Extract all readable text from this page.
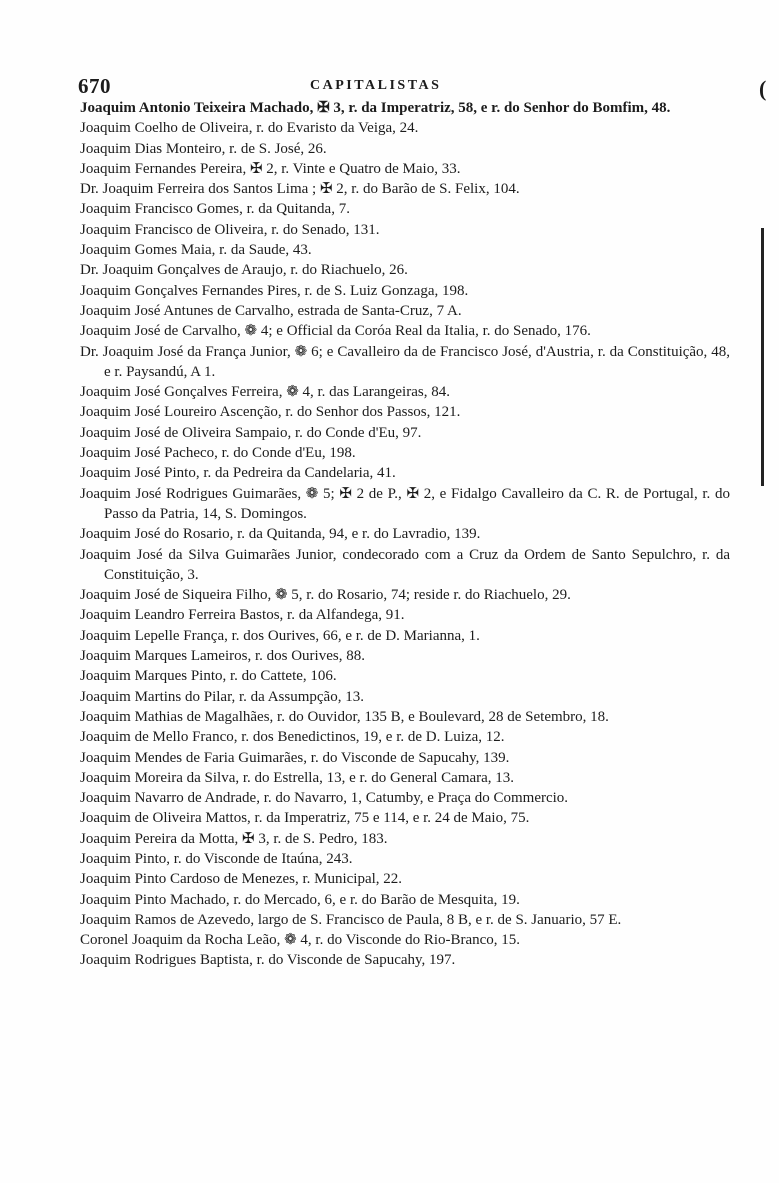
670	CAPITALISTAS	(
Joaquim Antonio Teixeira Machado, ✠ 3, r. da Imperatriz, 58, e r. do Senhor do Bomfim, 48.
Joaquim Coelho de Oliveira, r. do Evaristo da Veiga, 24.
Joaquim Dias Monteiro, r. de S. José, 26.
Joaquim Fernandes Pereira, ✠ 2, r. Vinte e Quatro de Maio, 33.
Dr. Joaquim Ferreira dos Santos Lima ; ✠ 2, r. do Barão de S. Felix, 104.
Joaquim Francisco Gomes, r. da Quitanda, 7.
Joaquim Francisco de Oliveira, r. do Senado, 131.
Joaquim Gomes Maia, r. da Saude, 43.
Dr. Joaquim Gonçalves de Araujo, r. do Riachuelo, 26.
Joaquim Gonçalves Fernandes Pires, r. de S. Luiz Gonzaga, 198.
Joaquim José Antunes de Carvalho, estrada de Santa-Cruz, 7 A.
Joaquim José de Carvalho, ❁ 4; e Official da Coróa Real da Italia, r. do Senado, 176.
Dr. Joaquim José da França Junior, ❁ 6; e Cavalleiro da de Francisco José, d'Austria, r. da Constituição, 48, e r. Paysandú, A 1.
Joaquim José Gonçalves Ferreira, ❁ 4, r. das Larangeiras, 84.
Joaquim José Loureiro Ascenção, r. do Senhor dos Passos, 121.
Joaquim José de Oliveira Sampaio, r. do Conde d'Eu, 97.
Joaquim José Pacheco, r. do Conde d'Eu, 198.
Joaquim José Pinto, r. da Pedreira da Candelaria, 41.
Joaquim José Rodrigues Guimarães, ❁ 5; ✠ 2 de P., ✠ 2, e Fidalgo Cavalleiro da C. R. de Portugal, r. do Passo da Patria, 14, S. Domingos.
Joaquim José do Rosario, r. da Quitanda, 94, e r. do Lavradio, 139.
Joaquim José da Silva Guimarães Junior, condecorado com a Cruz da Ordem de Santo Sepulchro, r. da Constituição, 3.
Joaquim José de Siqueira Filho, ❁ 5, r. do Rosario, 74; reside r. do Riachuelo, 29.
Joaquim Leandro Ferreira Bastos, r. da Alfandega, 91.
Joaquim Lepelle França, r. dos Ourives, 66, e r. de D. Marianna, 1.
Joaquim Marques Lameiros, r. dos Ourives, 88.
Joaquim Marques Pinto, r. do Cattete, 106.
Joaquim Martins do Pilar, r. da Assumpção, 13.
Joaquim Mathias de Magalhães, r. do Ouvidor, 135 B, e Boulevard, 28 de Setembro, 18.
Joaquim de Mello Franco, r. dos Benedictinos, 19, e r. de D. Luiza, 12.
Joaquim Mendes de Faria Guimarães, r. do Visconde de Sapucahy, 139.
Joaquim Moreira da Silva, r. do Estrella, 13, e r. do General Camara, 13.
Joaquim Navarro de Andrade, r. do Navarro, 1, Catumby, e Praça do Commercio.
Joaquim de Oliveira Mattos, r. da Imperatriz, 75 e 114, e r. 24 de Maio, 75.
Joaquim Pereira da Motta, ✠ 3, r. de S. Pedro, 183.
Joaquim Pinto, r. do Visconde de Itaúna, 243.
Joaquim Pinto Cardoso de Menezes, r. Municipal, 22.
Joaquim Pinto Machado, r. do Mercado, 6, e r. do Barão de Mesquita, 19.
Joaquim Ramos de Azevedo, largo de S. Francisco de Paula, 8 B, e r. de S. Januario, 57 E.
Coronel Joaquim da Rocha Leão, ❁ 4, r. do Visconde do Rio-Branco, 15.
Joaquim Rodrigues Baptista, r. do Visconde de Sapucahy, 197.
